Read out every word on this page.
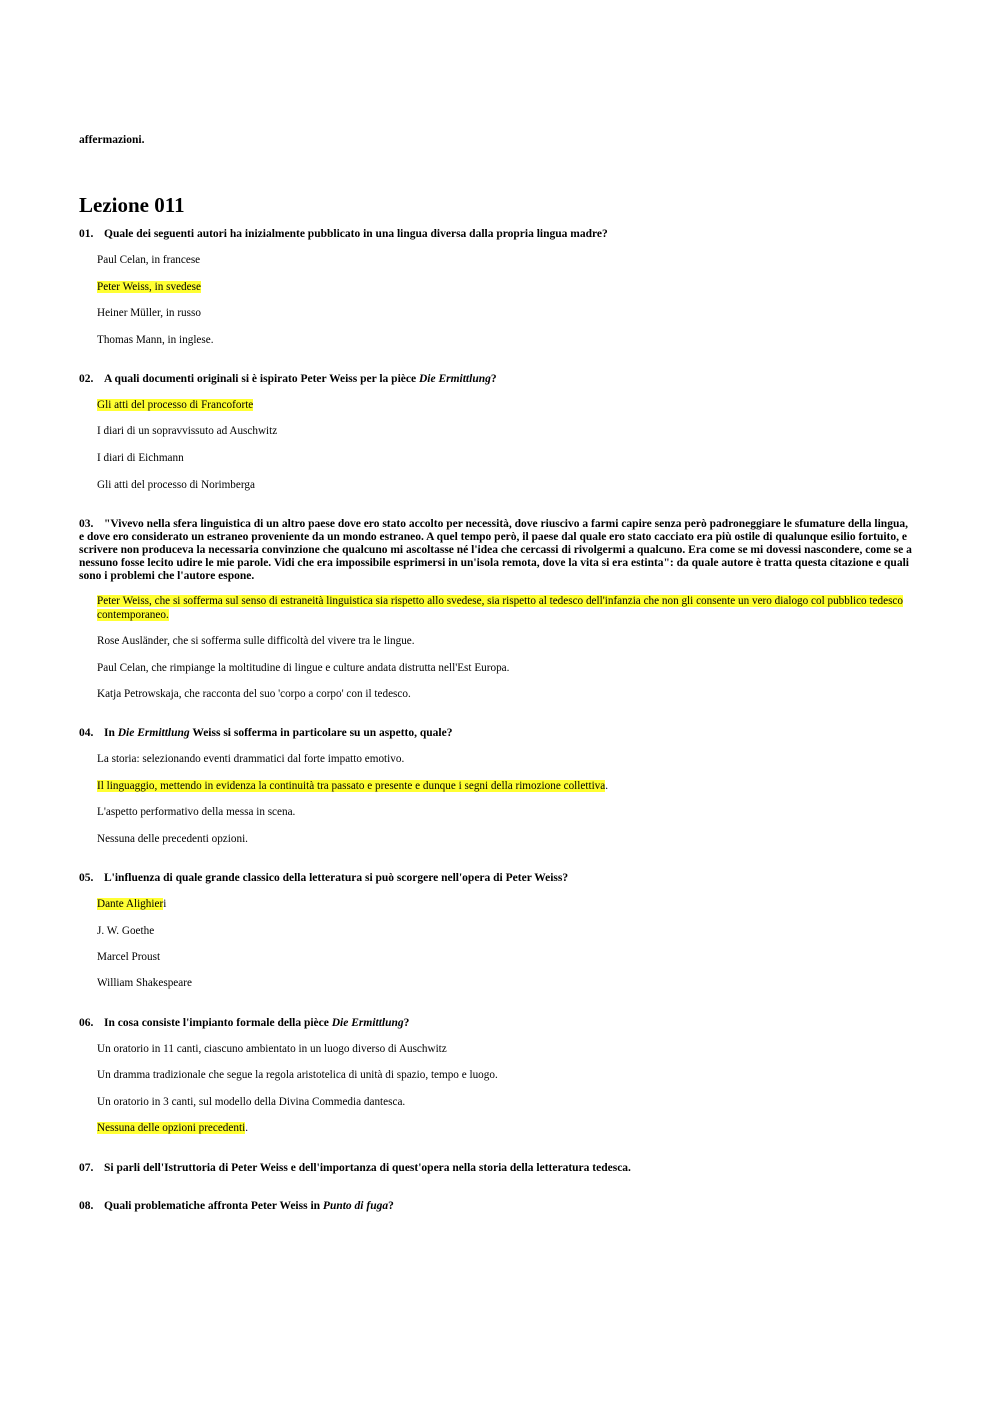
affermazioni.
Lezione 011
01. Quale dei seguenti autori ha inizialmente pubblicato in una lingua diversa dalla propria lingua madre?
Paul Celan, in francese
Peter Weiss, in svedese
Heiner Müller, in russo
Thomas Mann, in inglese.
02. A quali documenti originali si è ispirato Peter Weiss per la pièce Die Ermittlung?
Gli atti del processo di Francoforte
I diari di un sopravvissuto ad Auschwitz
I diari di Eichmann
Gli atti del processo di Norimberga
03. "Vivevo nella sfera linguistica di un altro paese dove ero stato accolto per necessità, dove riuscivo a farmi capire senza però padroneggiare le sfumature della lingua, e dove ero considerato un estraneo proveniente da un mondo estraneo. A quel tempo però, il paese dal quale ero stato cacciato era più ostile di qualunque esilio fortuito, e scrivere non produceva la necessaria convinzione che qualcuno mi ascoltasse né l'idea che cercassi di rivolgermi a qualcuno. Era come se mi dovessi nascondere, come se a nessuno fosse lecito udire le mie parole. Vidi che era impossibile esprimersi in un'isola remota, dove la vita si era estinta": da quale autore è tratta questa citazione e quali sono i problemi che l'autore espone.
Peter Weiss, che si sofferma sul senso di estraneità linguistica sia rispetto allo svedese, sia rispetto al tedesco dell'infanzia che non gli consente un vero dialogo col pubblico tedesco contemporaneo.
Rose Ausländer, che si sofferma sulle difficoltà del vivere tra le lingue.
Paul Celan, che rimpiange la moltitudine di lingue e culture andata distrutta nell'Est Europa.
Katja Petrowskaja, che racconta del suo 'corpo a corpo' con il tedesco.
04. In Die Ermittlung Weiss si sofferma in particolare su un aspetto, quale?
La storia: selezionando eventi drammatici dal forte impatto emotivo.
Il linguaggio, mettendo in evidenza la continuità tra passato e presente e dunque i segni della rimozione collettiva.
L'aspetto performativo della messa in scena.
Nessuna delle precedenti opzioni.
05. L'influenza di quale grande classico della letteratura si può scorgere nell'opera di Peter Weiss?
Dante Alighieri
J. W. Goethe
Marcel Proust
William Shakespeare
06. In cosa consiste l'impianto formale della pièce Die Ermittlung?
Un oratorio in 11 canti, ciascuno ambientato in un luogo diverso di Auschwitz
Un dramma tradizionale che segue la regola aristotelica di unità di spazio, tempo e luogo.
Un oratorio in 3 canti, sul modello della Divina Commedia dantesca.
Nessuna delle opzioni precedenti.
07. Si parli dell'Istruttoria di Peter Weiss e dell'importanza di quest'opera nella storia della letteratura tedesca.
08. Quali problematiche affronta Peter Weiss in Punto di fuga?
